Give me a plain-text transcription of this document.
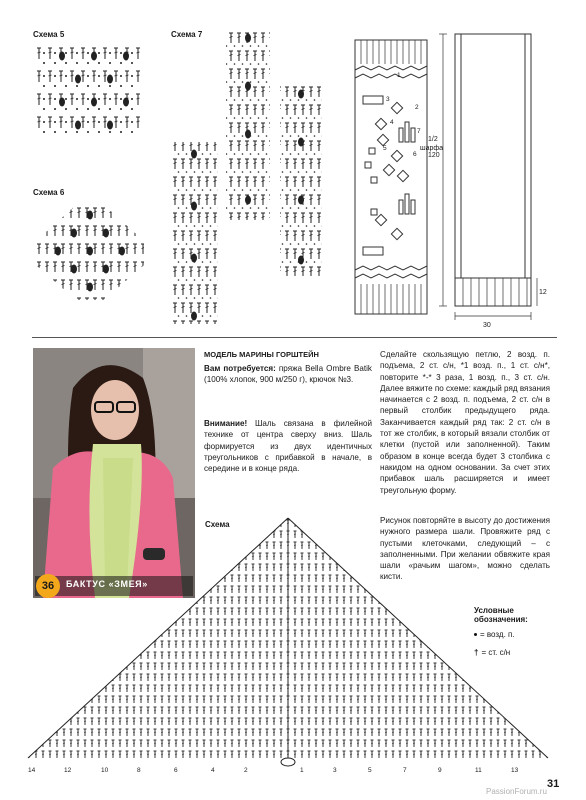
Схема 5	Схема 7
Схема 6
1/2
шарфа
120
30
12
1
2
3
4
5
6
7
36	БАКТУС «ЗМЕЯ»
МОДЕЛЬ МАРИНЫ ГОРШТЕЙН
Вам потребуется: пряжа Bella Ombre Batik (100% хлопок, 900 м/250 г), крючок №3.
Внимание! Шаль связана в филейной технике от центра сверху вниз. Шаль формируется из двух идентичных треугольников с прибавкой в начале, в середине и в конце ряда.
Сделайте скользящую петлю, 2 возд. п. подъема, 2 ст. с/н, *1 возд. п., 1 ст. с/н*, повторите *-* 3 раза, 1 возд. п., 3 ст. с/н. Далее вяжите по схеме: каждый ряд вязания начинается с 2 возд. п. подъема, 2 ст. с/н в первый столбик предыдущего ряда. Заканчивается каждый ряд так: 2 ст. с/н в тот же столбик, в который вязали столбик от клетки (пустой или заполненной). Таким образом в конце всегда будет 3 столбика с накидом на одном основании. За счет этих прибавок шаль расширяется и имеет треугольную форму.
Рисунок повторяйте в высоту до достижения нужного размера шали. Провяжите ряд с пустыми клеточками, следующий – с заполненными. При желании обвяжите края шали «рачьим шагом», можно сделать кисти.
Схема
14	12	10	8	6	4	2	1	3	5	7	9	11	13
Условные
обозначения:
= возд. п.
† = ст. с/н
31
PassionForum.ru
